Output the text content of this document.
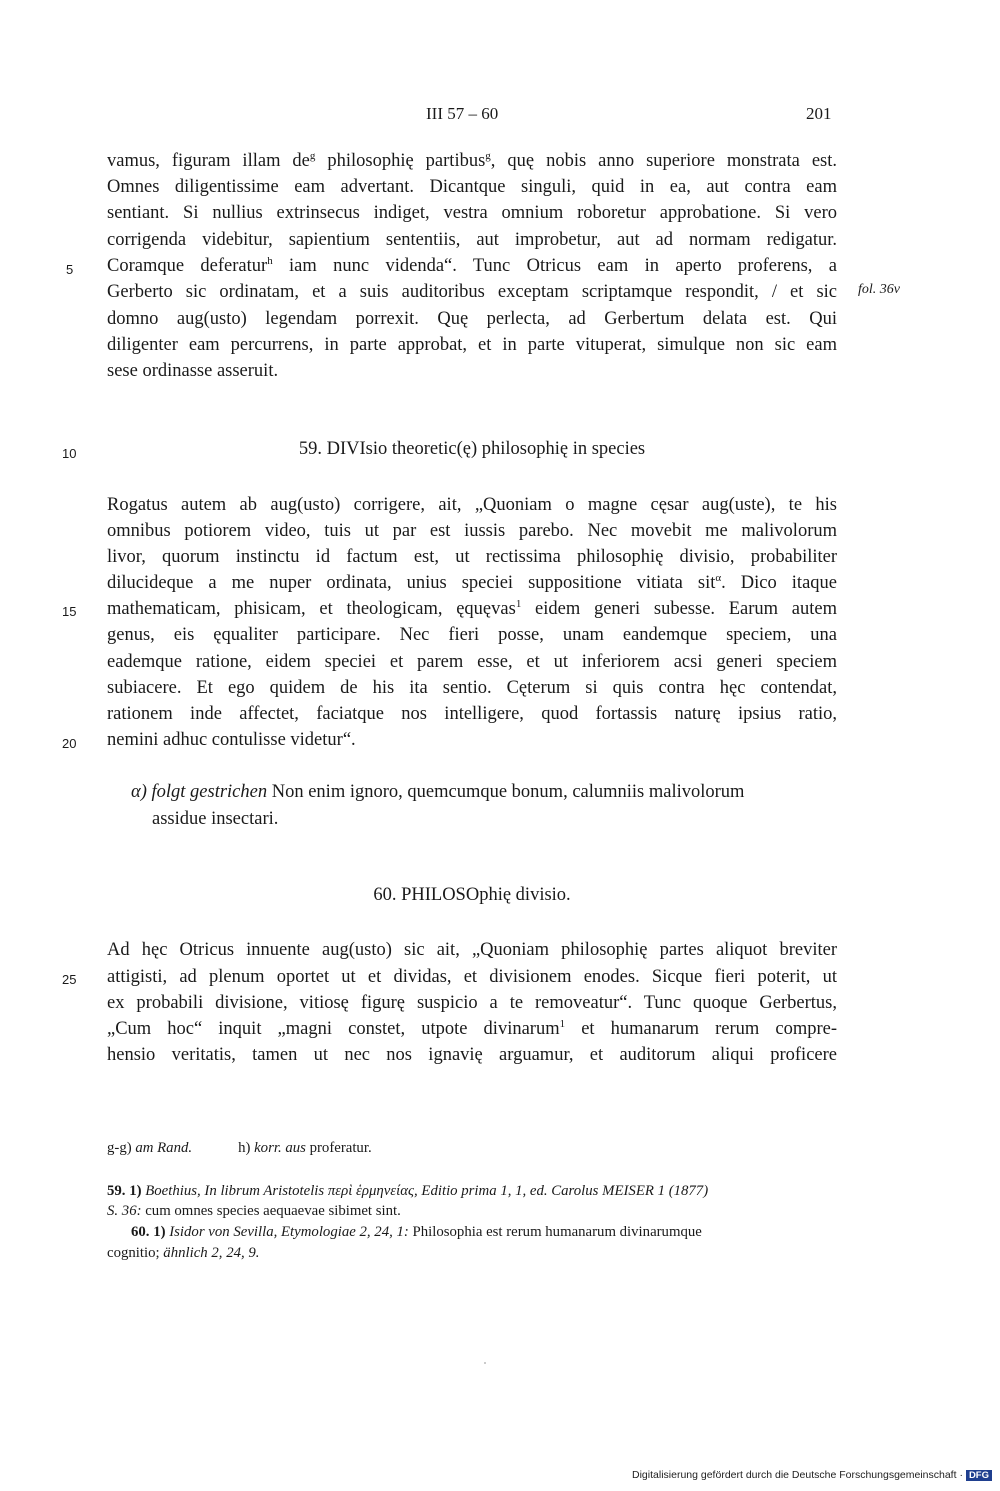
III 57 – 60	201
vamus, figuram illam $de^g$ philosophię partibus$^g$, quę nobis anno superiore monstrata est.
Omnes diligentissime eam advertant. Dicantque singuli, quid in ea, aut contra eam
sentiant. Si nullius extrinsecus indiget, vestra omnium roboretur approbatione. Si vero
corrigenda videbitur, sapientium sententiis, aut improbetur, aut ad normam redigatur.
Coramque deferatur$^h$ iam nunc videnda“. Tunc Otricus eam in aperto proferens, a
Gerberto sic ordinatam, et a suis auditoribus exceptam scriptamque respondit, / et sic
domno aug(usto) legendam porrexit. Quę perlecta, ad Gerbertum delata est. Qui
diligenter eam percurrens, in parte approbat, et in parte vituperat, simulque non sic eam
sese ordinasse asseruit.
fol. 36v
59. DIVIsio theoretic(ę) philosophię in species
Rogatus autem ab aug(usto) corrigere, ait, „Quoniam o magne cęsar aug(uste), te his
omnibus potiorem video, tuis ut par est iussis parebo. Nec movebit me malivolorum
livor, quorum instinctu id factum est, ut rectissima philosophię divisio, probabiliter
dilucideque a me nuper ordinata, unius speciei suppositione vitiata sit$^\alpha$. Dico itaque
mathematicam, phisicam, et theologicam, ęquęvas$^1$ eidem generi subesse. Earum autem
genus, eis ęqualiter participare. Nec fieri posse, unam eandemque speciem, una
eademque ratione, eidem speciei et parem esse, et ut inferiorem acsi generi speciem
subiacere. Et ego quidem de his ita sentio. Cęterum si quis contra hęc contendat,
rationem inde affectet, faciatque nos intelligere, quod fortassis naturę ipsius ratio,
nemini adhuc contulisse videtur“.
α) folgt gestrichen Non enim ignoro, quemcumque bonum, calumniis malivolorum
assidue insectari.
60. PHILOSOphię divisio.
Ad hęc Otricus innuente aug(usto) sic ait, „Quoniam philosophię partes aliquot breviter
attigisti, ad plenum oportet ut et dividas, et divisionem enodes. Sicque fieri poterit, ut
ex probabili divisione, vitiosę figurę suspicio a te removeatur“. Tunc quoque Gerbertus,
„Cum hoc“ inquit „magni constet, utpote divinarum$^1$ et humanarum rerum compre-
hensio veritatis, tamen ut nec nos ignavię arguamur, et auditorum aliqui proficere
5
10
15
20
25
g-g) am Rand.	h) korr. aus proferatur.
59. 1) Boethius, In librum Aristotelis περὶ ἑρμηνείας, Editio prima 1, 1, ed. Carolus MEISER 1 (1877)
S. 36: cum omnes species aequaevae sibimet sint.
60. 1) Isidor von Sevilla, Etymologiae 2, 24, 1: Philosophia est rerum humanarum divinarumque
cognitio; ähnlich 2, 24, 9.
Digitalisierung gefördert durch die Deutsche Forschungsgemeinschaft · DFG
